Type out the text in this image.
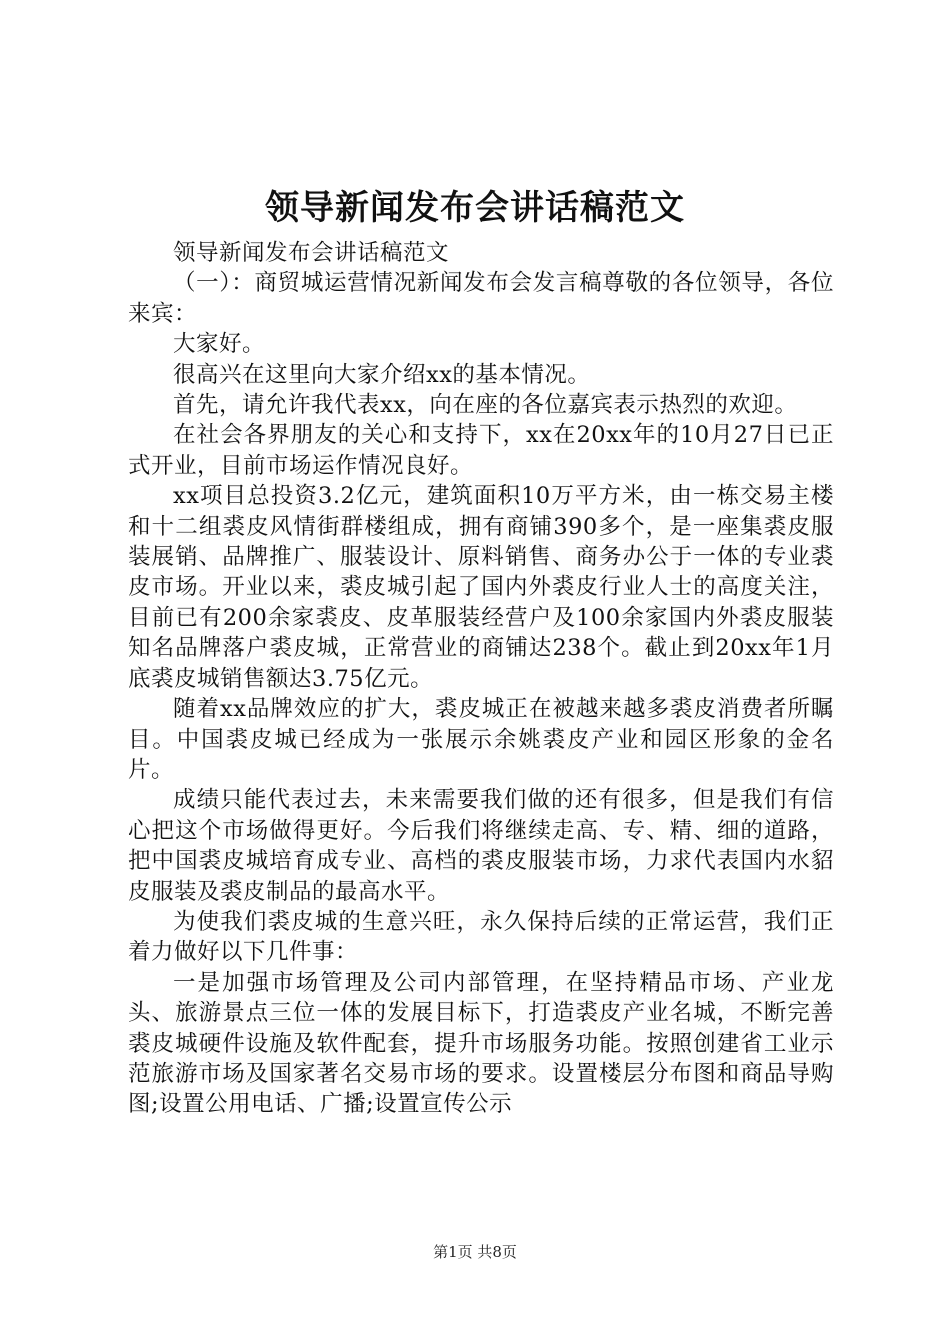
领导新闻发布会讲话稿范文

领导新闻发布会讲话稿范文

（一）：商贸城运营情况新闻发布会发言稿尊敬的各位领导，各位来宾：

大家好。

很高兴在这里向大家介绍xx的基本情况。

首先，请允许我代表xx，向在座的各位嘉宾表示热烈的欢迎。

在社会各界朋友的关心和支持下，xx在20xx年的10月27日已正式开业，目前市场运作情况良好。

xx项目总投资3.2亿元，建筑面积10万平方米，由一栋交易主楼和十二组裘皮风情街群楼组成，拥有商铺390多个，是一座集裘皮服装展销、品牌推广、服装设计、原料销售、商务办公于一体的专业裘皮市场。开业以来，裘皮城引起了国内外裘皮行业人士的高度关注，目前已有200余家裘皮、皮革服装经营户及100余家国内外裘皮服装知名品牌落户裘皮城，正常营业的商铺达238个。截止到20xx年1月底裘皮城销售额达3.75亿元。

随着xx品牌效应的扩大，裘皮城正在被越来越多裘皮消费者所瞩目。中国裘皮城已经成为一张展示余姚裘皮产业和园区形象的金名片。

成绩只能代表过去，未来需要我们做的还有很多，但是我们有信心把这个市场做得更好。今后我们将继续走高、专、精、细的道路，把中国裘皮城培育成专业、高档的裘皮服装市场，力求代表国内水貂皮服装及裘皮制品的最高水平。

为使我们裘皮城的生意兴旺，永久保持后续的正常运营，我们正着力做好以下几件事：

一是加强市场管理及公司内部管理，在坚持精品市场、产业龙头、旅游景点三位一体的发展目标下，打造裘皮产业名城，不断完善裘皮城硬件设施及软件配套，提升市场服务功能。按照创建省工业示范旅游市场及国家著名交易市场的要求。设置楼层分布图和商品导购图;设置公用电话、广播;设置宣传公示

第1页 共8页
